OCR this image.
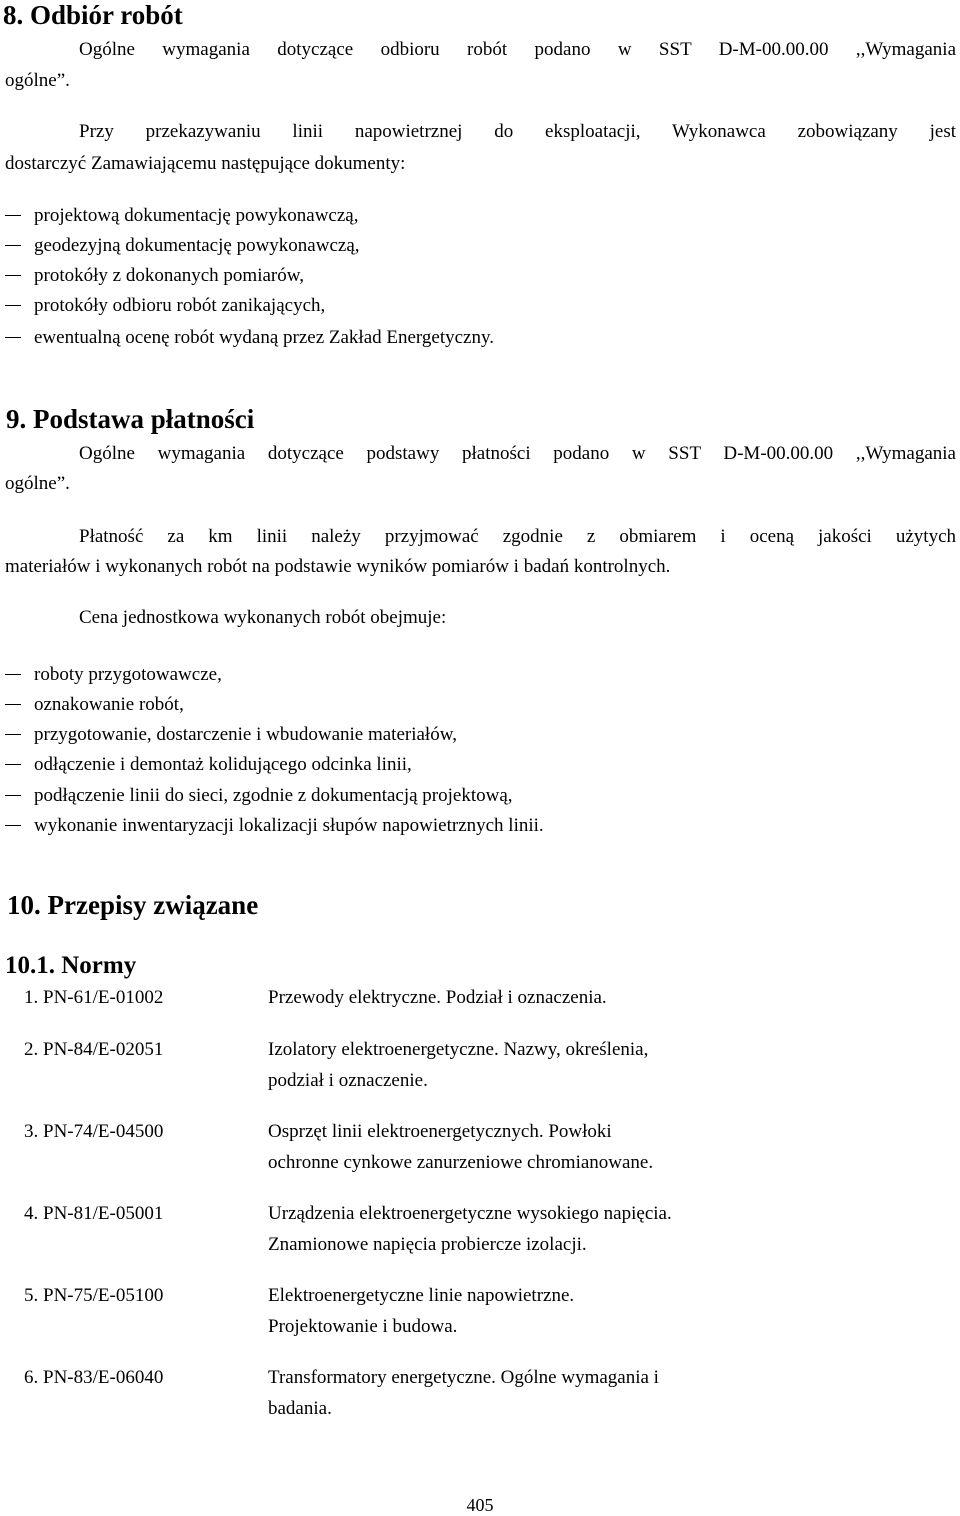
8. Odbiór robót
Ogólne wymagania dotyczące odbioru robót podano w SST D-M-00.00.00 ,,Wymagania
ogólne”.
Przy przekazywaniu linii napowietrznej do eksploatacji, Wykonawca zobowiązany jest
dostarczyć Zamawiającemu następujące dokumenty:
projektową dokumentację powykonawczą,
geodezyjną dokumentację powykonawczą,
protokóły z dokonanych pomiarów,
protokóły odbioru robót zanikających,
ewentualną ocenę robót wydaną przez Zakład Energetyczny.
9. Podstawa płatności
Ogólne wymagania dotyczące podstawy płatności podano w SST D-M-00.00.00 ,,Wymagania
ogólne”.
Płatność za km linii należy przyjmować zgodnie z obmiarem i oceną jakości użytych
materiałów i wykonanych robót na podstawie wyników pomiarów i badań kontrolnych.
Cena jednostkowa wykonanych robót obejmuje:
roboty przygotowawcze,
oznakowanie robót,
przygotowanie, dostarczenie i wbudowanie materiałów,
odłączenie i demontaż kolidującego odcinka linii,
podłączenie linii do sieci, zgodnie z dokumentacją projektową,
wykonanie inwentaryzacji lokalizacji słupów napowietrznych linii.
10. Przepisy związane
10.1. Normy
1. PN-61/E-01002	Przewody elektryczne. Podział i oznaczenia.
2. PN-84/E-02051	Izolatory elektroenergetyczne. Nazwy, określenia,
podział i oznaczenie.
3. PN-74/E-04500	Osprzęt linii elektroenergetycznych. Powłoki
ochronne cynkowe zanurzeniowe chromianowane.
4. PN-81/E-05001	Urządzenia elektroenergetyczne wysokiego napięcia.
Znamionowe napięcia probiercze izolacji.
5. PN-75/E-05100	Elektroenergetyczne linie napowietrzne.
Projektowanie i budowa.
6. PN-83/E-06040	Transformatory energetyczne. Ogólne wymagania i
badania.
405
